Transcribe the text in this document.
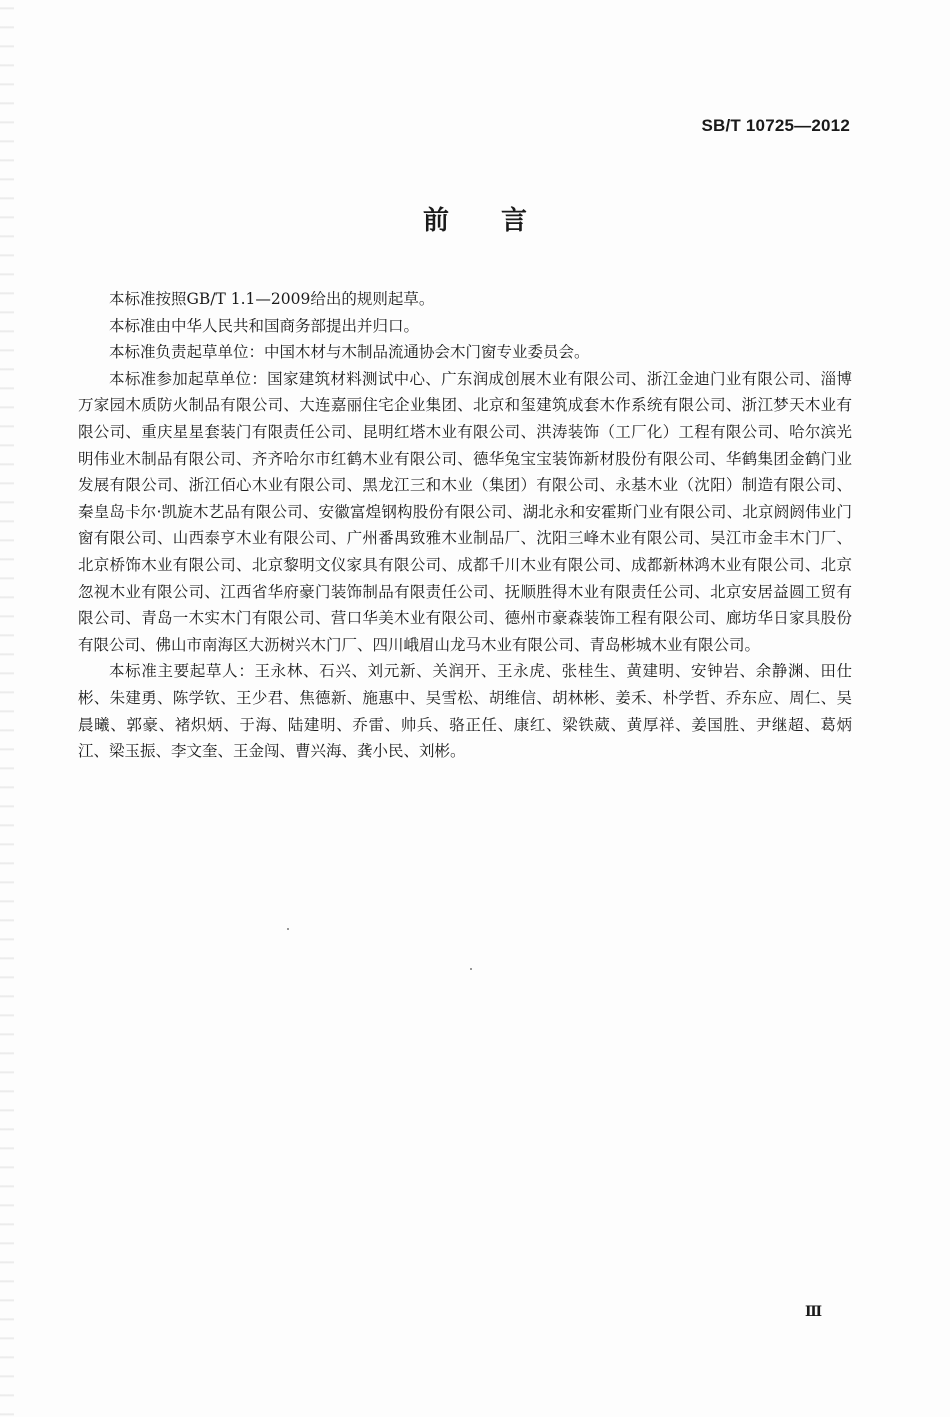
SB/T 10725—2012
前言

本标准按照GB/T 1.1—2009给出的规则起草。

本标准由中华人民共和国商务部提出并归口。

本标准负责起草单位：中国木材与木制品流通协会木门窗专业委员会。

本标准参加起草单位：国家建筑材料测试中心、广东润成创展木业有限公司、浙江金迪门业有限公司、淄博万家园木质防火制品有限公司、大连嘉丽住宅企业集团、北京和玺建筑成套木作系统有限公司、浙江梦天木业有限公司、重庆星星套装门有限责任公司、昆明红塔木业有限公司、洪涛装饰（工厂化）工程有限公司、哈尔滨光明伟业木制品有限公司、齐齐哈尔市红鹤木业有限公司、德华兔宝宝装饰新材股份有限公司、华鹤集团金鹤门业发展有限公司、浙江佰心木业有限公司、黑龙江三和木业（集团）有限公司、永基木业（沈阳）制造有限公司、秦皇岛卡尔·凯旋木艺品有限公司、安徽富煌钢构股份有限公司、湖北永和安霍斯门业有限公司、北京阏阏伟业门窗有限公司、山西泰亨木业有限公司、广州番禺致雅木业制品厂、沈阳三峰木业有限公司、吴江市金丰木门厂、北京桥饰木业有限公司、北京黎明文仪家具有限公司、成都千川木业有限公司、成都新林鸿木业有限公司、北京忽视木业有限公司、江西省华府豪门装饰制品有限责任公司、抚顺胜得木业有限责任公司、北京安居益圆工贸有限公司、青岛一木实木门有限公司、营口华美木业有限公司、德州市豪森装饰工程有限公司、廊坊华日家具股份有限公司、佛山市南海区大沥树兴木门厂、四川峨眉山龙马木业有限公司、青岛彬城木业有限公司。

本标准主要起草人：王永林、石兴、刘元新、关润开、王永虎、张桂生、黄建明、安钟岩、余静渊、田仕彬、朱建勇、陈学钦、王少君、焦德新、施惠中、吴雪松、胡维信、胡林彬、姜禾、朴学哲、乔东应、周仁、吴晨曦、郭豪、褚炽炳、于海、陆建明、乔雷、帅兵、骆正任、康红、梁铁葳、黄厚祥、姜国胜、尹继超、葛炳江、梁玉振、李文奎、王金闯、曹兴海、龚小民、刘彬。

Ⅲ
